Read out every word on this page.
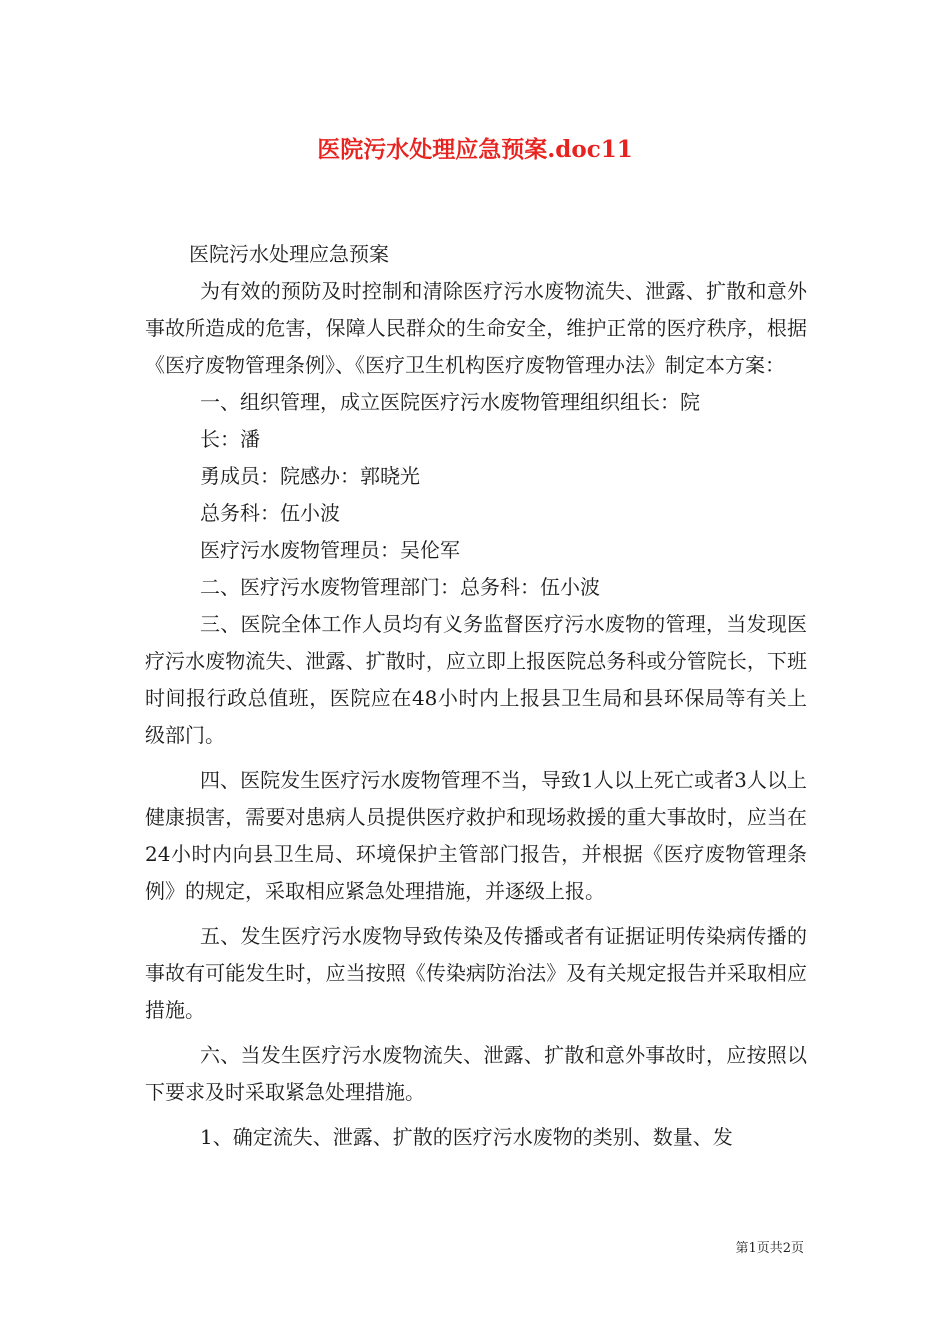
医院污水处理应急预案.doc11

医院污水处理应急预案

为有效的预防及时控制和清除医疗污水废物流失、泄露、扩散和意外事故所造成的危害，保障人民群众的生命安全，维护正常的医疗秩序，根据《医疗废物管理条例》、《医疗卫生机构医疗废物管理办法》制定本方案：

一、组织管理，成立医院医疗污水废物管理组织组长：院

长：潘

勇成员：院感办：郭晓光

总务科：伍小波

医疗污水废物管理员：吴伦军

二、医疗污水废物管理部门：总务科：伍小波

三、医院全体工作人员均有义务监督医疗污水废物的管理，当发现医疗污水废物流失、泄露、扩散时，应立即上报医院总务科或分管院长，下班时间报行政总值班，医院应在48小时内上报县卫生局和县环保局等有关上级部门。

四、医院发生医疗污水废物管理不当，导致1人以上死亡或者3人以上健康损害，需要对患病人员提供医疗救护和现场救援的重大事故时，应当在24小时内向县卫生局、环境保护主管部门报告，并根据《医疗废物管理条例》的规定，采取相应紧急处理措施，并逐级上报。

五、发生医疗污水废物导致传染及传播或者有证据证明传染病传播的事故有可能发生时，应当按照《传染病防治法》及有关规定报告并采取相应措施。

六、当发生医疗污水废物流失、泄露、扩散和意外事故时，应按照以下要求及时采取紧急处理措施。

1、确定流失、泄露、扩散的医疗污水废物的类别、数量、发

第1页共2页
